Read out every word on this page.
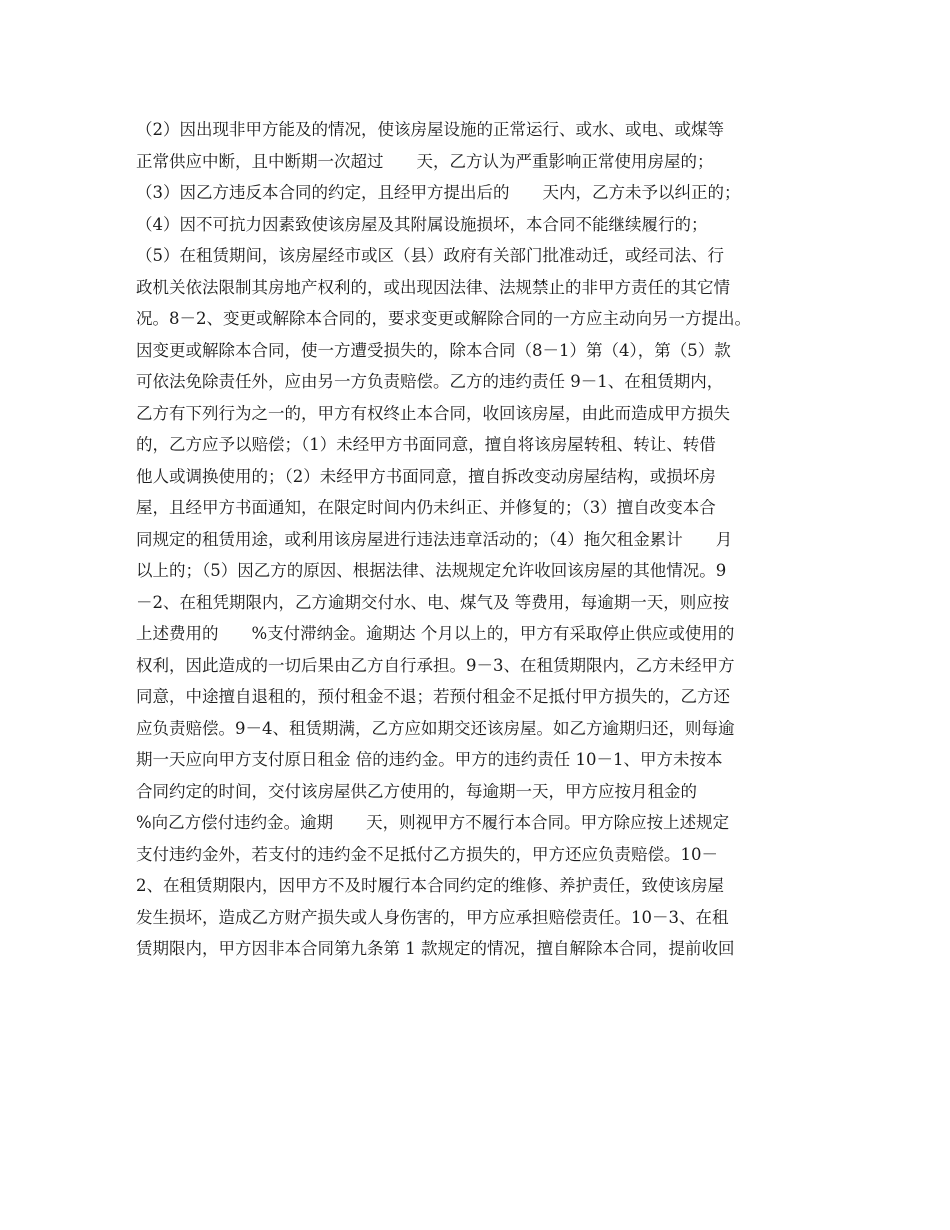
（2）因出现非甲方能及的情况，使该房屋设施的正常运行、或水、或电、或煤等
正常供应中断，且中断期一次超过　　天，乙方认为严重影响正常使用房屋的；
（3）因乙方违反本合同的约定，且经甲方提出后的　　天内，乙方未予以纠正的；
（4）因不可抗力因素致使该房屋及其附属设施损坏，本合同不能继续履行的；
（5）在租赁期间，该房屋经市或区（县）政府有关部门批准动迁，或经司法、行
政机关依法限制其房地产权利的，或出现因法律、法规禁止的非甲方责任的其它情
况。8－2、变更或解除本合同的，要求变更或解除合同的一方应主动向另一方提出。
因变更或解除本合同，使一方遭受损失的，除本合同（8－1）第（4），第（5）款
可依法免除责任外，应由另一方负责赔偿。乙方的违约责任 9－1、在租赁期内，
乙方有下列行为之一的，甲方有权终止本合同，收回该房屋，由此而造成甲方损失
的，乙方应予以赔偿；（1）未经甲方书面同意，擅自将该房屋转租、转让、转借
他人或调换使用的；（2）未经甲方书面同意，擅自拆改变动房屋结构，或损坏房
屋，且经甲方书面通知，在限定时间内仍未纠正、并修复的；（3）擅自改变本合
同规定的租赁用途，或利用该房屋进行违法违章活动的；（4）拖欠租金累计　　月
以上的；（5）因乙方的原因、根据法律、法规规定允许收回该房屋的其他情况。9
－2、在租凭期限内，乙方逾期交付水、电、煤气及 等费用，每逾期一天，则应按
上述费用的　　%支付滞纳金。逾期达 个月以上的，甲方有采取停止供应或使用的
权利，因此造成的一切后果由乙方自行承担。9－3、在租赁期限内，乙方未经甲方
同意，中途擅自退租的，预付租金不退；若预付租金不足抵付甲方损失的，乙方还
应负责赔偿。9－4、租赁期满，乙方应如期交还该房屋。如乙方逾期归还，则每逾
期一天应向甲方支付原日租金 倍的违约金。甲方的违约责任 10－1、甲方未按本
合同约定的时间，交付该房屋供乙方使用的，每逾期一天，甲方应按月租金的
%向乙方偿付违约金。逾期　　天，则视甲方不履行本合同。甲方除应按上述规定
支付违约金外，若支付的违约金不足抵付乙方损失的，甲方还应负责赔偿。10－
2、在租赁期限内，因甲方不及时履行本合同约定的维修、养护责任，致使该房屋
发生损坏，造成乙方财产损失或人身伤害的，甲方应承担赔偿责任。10－3、在租
赁期限内，甲方因非本合同第九条第 1 款规定的情况，擅自解除本合同，提前收回
